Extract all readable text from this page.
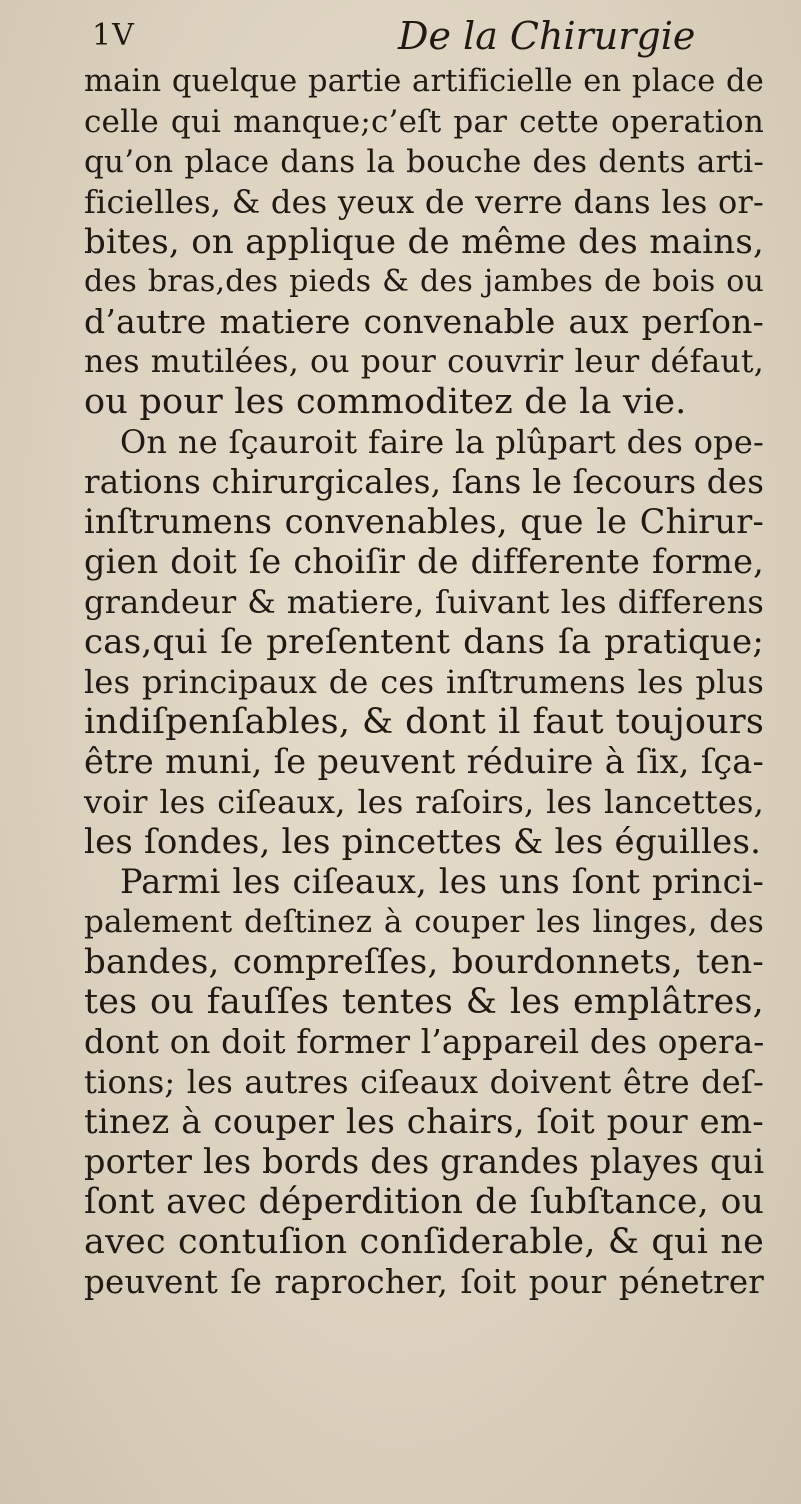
1V	De la Chirurgie
main quelque partie artificielle en place de
celle qui manque;c’eſt par cette operation
qu’on place dans la bouche des dents arti-
ficielles, & des yeux de verre dans les or-
bites, on applique de même des mains,
des bras,des pieds & des jambes de bois ou
d’autre matiere convenable aux perſon-
nes mutilées, ou pour couvrir leur défaut,
ou pour les commoditez de la vie.
On ne ſçauroit faire la plûpart des ope-
rations chirurgicales, ſans le ſecours des
inſtrumens convenables, que le Chirur-
gien doit ſe choiſir de differente forme,
grandeur & matiere, ſuivant les differens
cas,qui ſe preſentent dans ſa pratique;
les principaux de ces inſtrumens les plus
indiſpenſables, & dont il faut toujours
être muni, ſe peuvent réduire à ſix, ſça-
voir les ciſeaux, les raſoirs, les lancettes,
les ſondes, les pincettes & les éguilles.
Parmi les ciſeaux, les uns ſont princi-
palement deſtinez à couper les linges, des
bandes, compreſſes, bourdonnets, ten-
tes ou fauſſes tentes & les emplâtres,
dont on doit former l’appareil des opera-
tions; les autres ciſeaux doivent être deſ-
tinez à couper les chairs, ſoit pour em-
porter les bords des grandes playes qui
ſont avec déperdition de ſubſtance, ou
avec contuſion conſiderable, & qui ne
peuvent ſe raprocher, ſoit pour pénetrer
